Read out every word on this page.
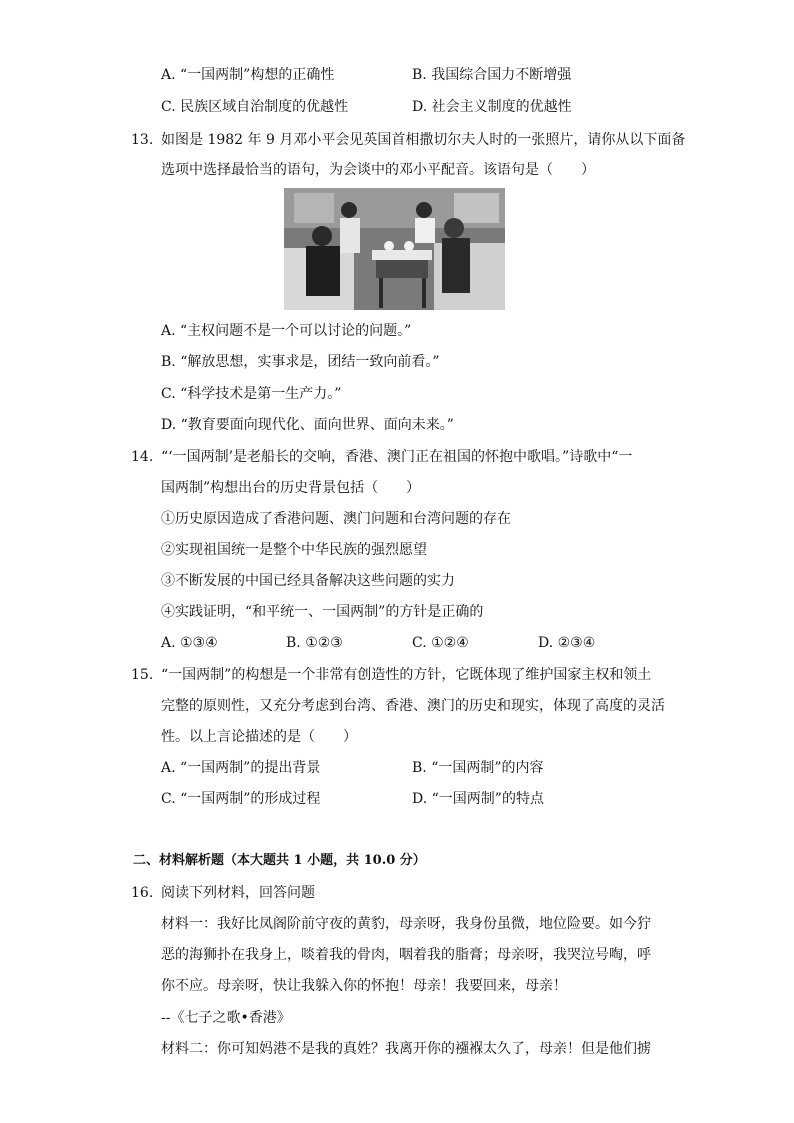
A. “一国两制”构想的正确性	B. 我国综合国力不断增强
C. 民族区域自治制度的优越性	D. 社会主义制度的优越性
13. 如图是 1982 年 9 月邓小平会见英国首相撒切尔夫人时的一张照片，请你从以下面备
选项中选择最恰当的语句，为会谈中的邓小平配音。该语句是（　　）
A. “主权问题不是一个可以讨论的问题。”
B. “解放思想，实事求是，团结一致向前看。”
C. “科学技术是第一生产力。”
D. “教育要面向现代化、面向世界、面向未来。”
14. “‘一国两制’是老船长的交响，香港、澳门正在祖国的怀抱中歌唱。”诗歌中“一
国两制”构想出台的历史背景包括（　　）
①历史原因造成了香港问题、澳门问题和台湾问题的存在
②实现祖国统一是整个中华民族的强烈愿望
③不断发展的中国已经具备解决这些问题的实力
④实践证明，“和平统一、一国两制”的方针是正确的
A. ①③④	B. ①②③	C. ①②④	D. ②③④
15. “一国两制”的构想是一个非常有创造性的方针，它既体现了维护国家主权和领土
完整的原则性，又充分考虑到台湾、香港、澳门的历史和现实，体现了高度的灵活
性。以上言论描述的是（　　）
A. “一国两制”的提出背景	B. “一国两制”的内容
C. “一国两制”的形成过程	D. “一国两制”的特点
二、材料解析题（本大题共 1 小题，共 10.0 分）
16. 阅读下列材料，回答问题
材料一：我好比凤阁阶前守夜的黄豹，母亲呀，我身份虽微，地位险要。如今狞
恶的海狮扑在我身上，啖着我的骨肉，咽着我的脂膏；母亲呀，我哭泣号啕，呼
你不应。母亲呀，快让我躲入你的怀抱！母亲！我要回来，母亲！
--《七子之歌•香港》
材料二：你可知妈港不是我的真姓？我离开你的襁褓太久了，母亲！但是他们掳
